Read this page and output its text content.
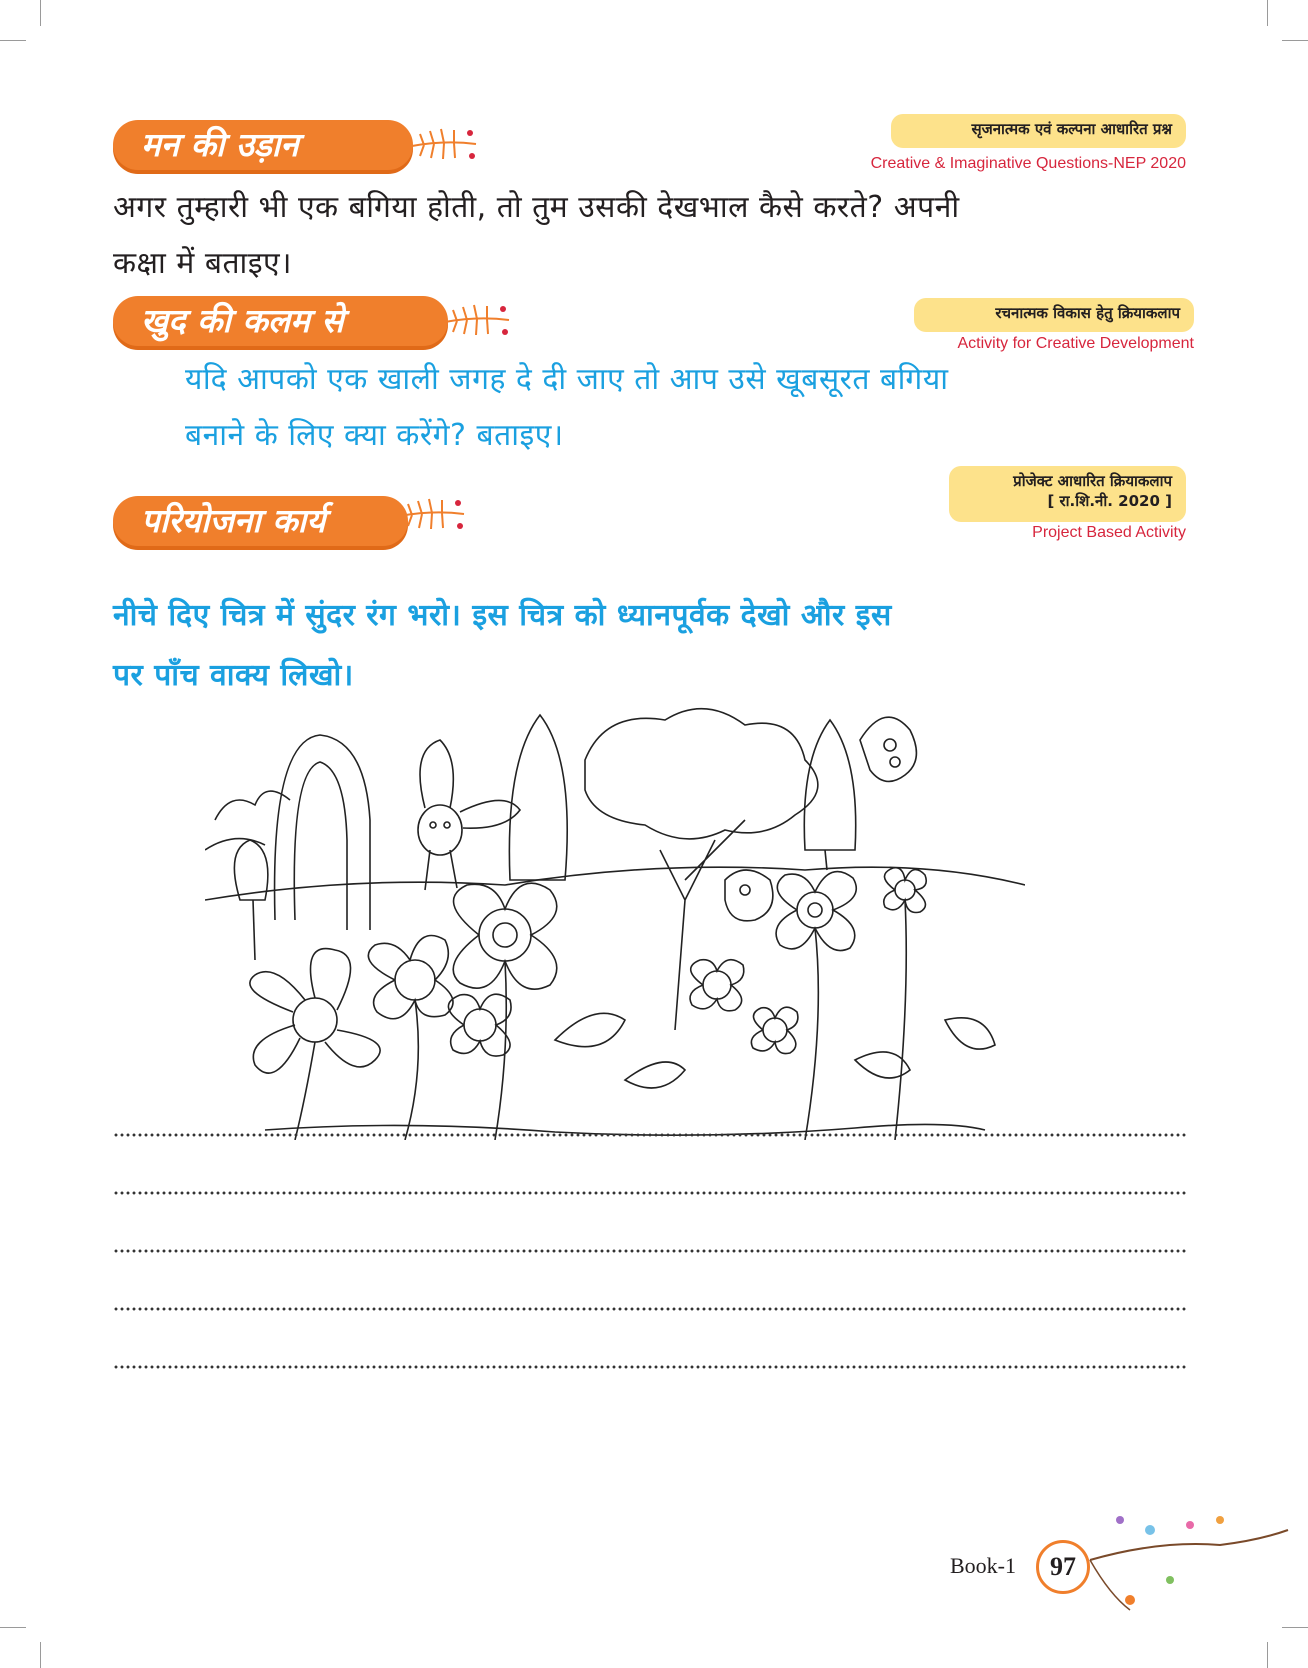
मन की उड़ान	सृजनात्मक एवं कल्पना आधारित प्रश्न
Creative & Imaginative Questions-NEP 2020
अगर तुम्हारी भी एक बगिया होती, तो तुम उसकी देखभाल कैसे करते? अपनी
कक्षा में बताइए।
खुद की कलम से	रचनात्मक विकास हेतु क्रियाकलाप
Activity for Creative Development
यदि आपको एक खाली जगह दे दी जाए तो आप उसे खूबसूरत बगिया
बनाने के लिए क्या करेंगे? बताइए।
परियोजना कार्य
प्रोजेक्ट आधारित क्रियाकलाप
[ रा.शि.नी. 2020 ]
Project Based Activity
नीचे दिए चित्र में सुंदर रंग भरो। इस चित्र को ध्यानपूर्वक देखो और इस
पर पाँच वाक्य लिखो।
Book-1	97
